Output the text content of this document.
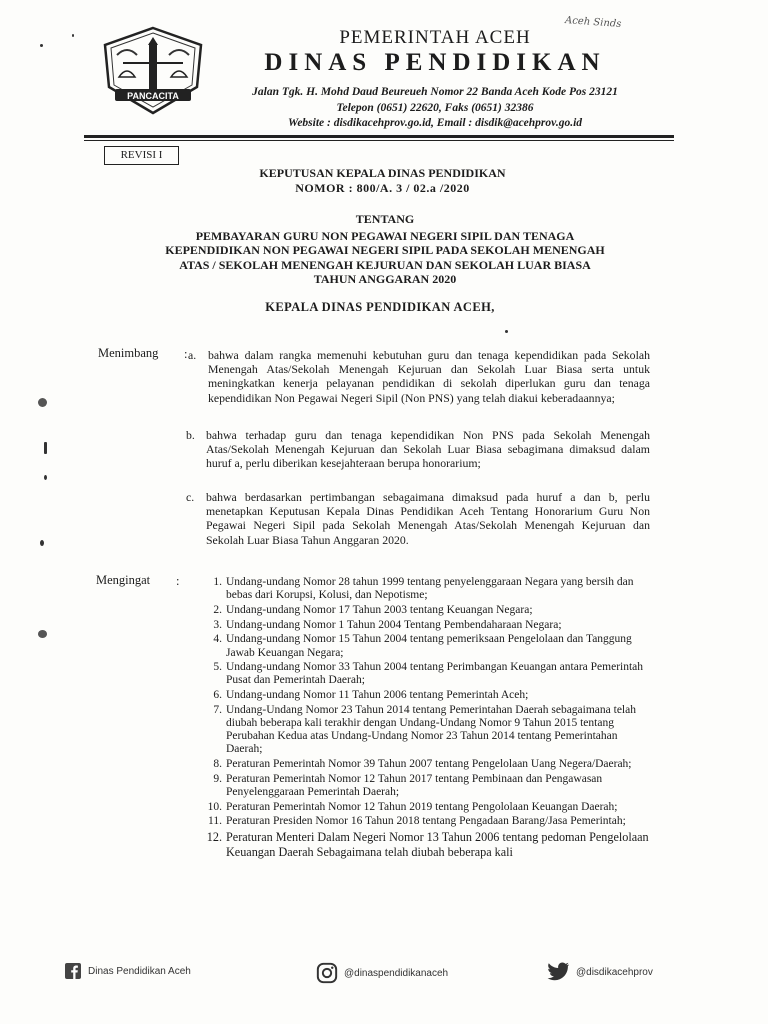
PANCACITA
Aceh Sinds
PEMERINTAH ACEH
DINAS PENDIDIKAN
Jalan Tgk. H. Mohd Daud Beureueh Nomor 22 Banda Aceh Kode Pos 23121
Telepon (0651) 22620, Faks (0651) 32386
Website : disdikacehprov.go.id, Email : disdik@acehprov.go.id
REVISI I
KEPUTUSAN KEPALA DINAS PENDIDIKAN
NOMOR : 800/A. 3 / 02.a /2020
TENTANG
PEMBAYARAN GURU NON PEGAWAI NEGERI SIPIL DAN TENAGA
KEPENDIDIKAN NON PEGAWAI NEGERI SIPIL PADA SEKOLAH MENENGAH
ATAS / SEKOLAH MENENGAH KEJURUAN DAN SEKOLAH LUAR BIASA
TAHUN ANGGARAN 2020
KEPALA DINAS PENDIDIKAN ACEH,
Menimbang : a. bahwa dalam rangka memenuhi kebutuhan guru dan tenaga kependidikan pada Sekolah Menengah Atas/Sekolah Menengah Kejuruan dan Sekolah Luar Biasa serta untuk meningkatkan kenerja pelayanan pendidikan di sekolah diperlukan guru dan tenaga kependidikan Non Pegawai Negeri Sipil (Non PNS) yang telah diakui keberadaannya;
b. bahwa terhadap guru dan tenaga kependidikan Non PNS pada Sekolah Menengah Atas/Sekolah Menengah Kejuruan dan Sekolah Luar Biasa sebagimana dimaksud dalam huruf a, perlu diberikan kesejahteraan berupa honorarium;
c. bahwa berdasarkan pertimbangan sebagaimana dimaksud pada huruf a dan b, perlu menetapkan Keputusan Kepala Dinas Pendidikan Aceh Tentang Honorarium Guru Non Pegawai Negeri Sipil pada Sekolah Menengah Atas/Sekolah Menengah Kejuruan dan Sekolah Luar Biasa Tahun Anggaran 2020.
Mengingat :	1. Undang-undang Nomor 28 tahun 1999 tentang penyelenggaraan Negara yang bersih dan bebas dari Korupsi, Kolusi, dan Nepotisme;
2. Undang-undang Nomor 17 Tahun 2003 tentang Keuangan Negara;
3. Undang-undang Nomor 1 Tahun 2004 Tentang Pembendaharaan Negara;
4. Undang-undang Nomor 15 Tahun 2004 tentang pemeriksaan Pengelolaan dan Tanggung Jawab Keuangan Negara;
5. Undang-undang Nomor 33 Tahun 2004 tentang Perimbangan Keuangan antara Pemerintah Pusat dan Pemerintah Daerah;
6. Undang-undang Nomor 11 Tahun 2006 tentang Pemerintah Aceh;
7. Undang-Undang Nomor 23 Tahun 2014 tentang Pemerintahan Daerah sebagaimana telah diubah beberapa kali terakhir dengan Undang-Undang Nomor 9 Tahun 2015 tentang Perubahan Kedua atas Undang-Undang Nomor 23 Tahun 2014 tentang Pemerintahan Daerah;
8. Peraturan Pemerintah Nomor 39 Tahun 2007 tentang Pengelolaan Uang Negera/Daerah;
9. Peraturan Pemerintah Nomor 12 Tahun 2017 tentang Pembinaan dan Pengawasan Penyelenggaraan Pemerintah Daerah;
10. Peraturan Pemerintah Nomor 12 Tahun 2019 tentang Pengololaan Keuangan Daerah;
11. Peraturan Presiden Nomor 16 Tahun 2018 tentang Pengadaan Barang/Jasa Pemerintah;
12. Peraturan Menteri Dalam Negeri Nomor 13 Tahun 2006 tentang pedoman Pengelolaan Keuangan Daerah Sebagaimana telah diubah beberapa kali
Dinas Pendidikan Aceh	@dinaspendidikanaceh	@disdikacehprov
